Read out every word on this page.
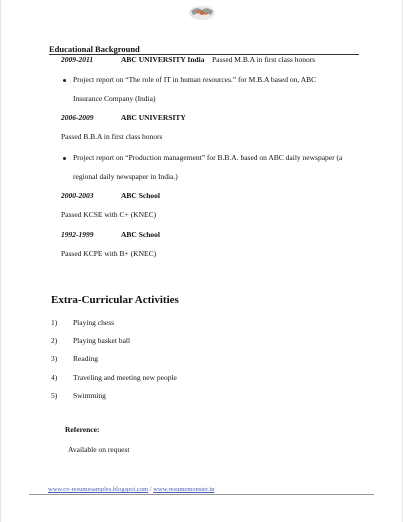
Educational Background
2009-2011	ABC UNIVERSITY India Passed M.B.A in first class honors
Project report on “The role of IT in human resources.” for M.B.A based on, ABC
Insurance Company (India)
2006-2009	ABC UNIVERSITY
Passed B.B.A in first class honors
Project report on “Production management” for B.B.A. based on ABC daily newspaper (a
regional daily newspaper in India.)
2000-2003	ABC School
Passed KCSE with C+ (KNEC)
1992-1999	ABC School
Passed KCPE with B+ (KNEC)
Extra-Curricular Activities
1) Playing chess
2) Playing basket ball
3) Reading
4) Traveling and meeting new people
5) Swimming
Reference:
Available on request
www.cv-resumesamples.blogspot.com / www.resumemonster.in
